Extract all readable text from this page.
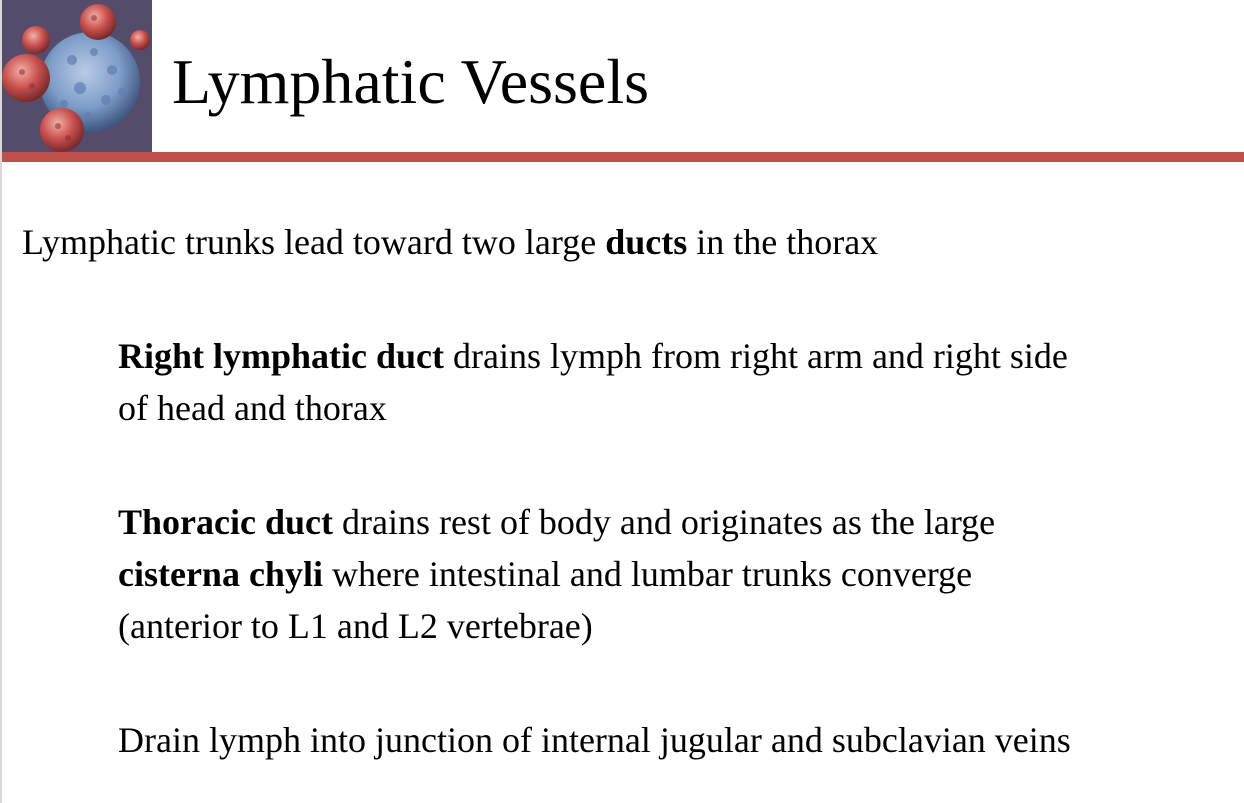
Lymphatic Vessels
Lymphatic trunks lead toward two large ducts in the thorax
Right lymphatic duct drains lymph from right arm and right side
of head and thorax
Thoracic duct drains rest of body and originates as the large
cisterna chyli where intestinal and lumbar trunks converge
(anterior to L1 and L2 vertebrae)
Drain lymph into junction of internal jugular and subclavian veins
